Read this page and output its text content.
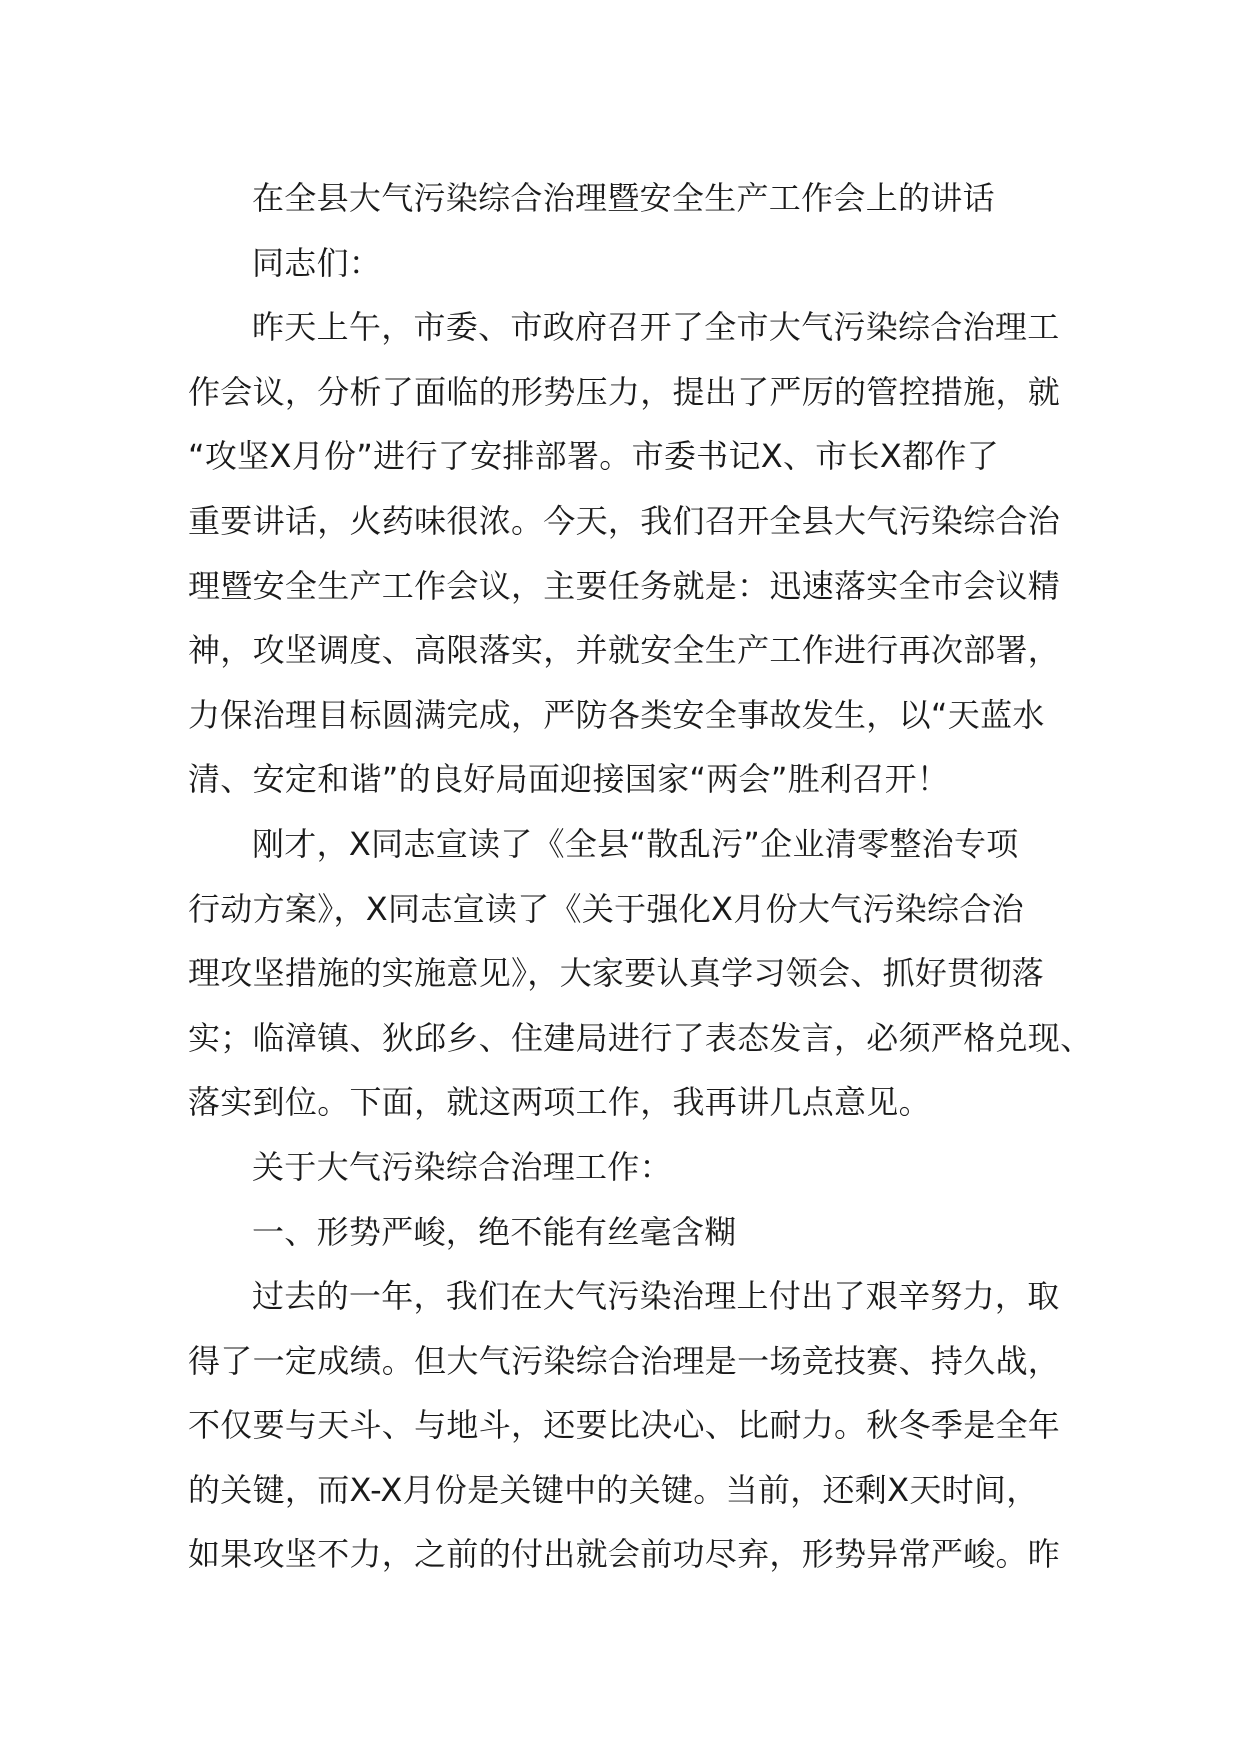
在全县大气污染综合治理暨安全生产工作会上的讲话
同志们：
昨天上午，市委、市政府召开了全市大气污染综合治理工
作会议，分析了面临的形势压力，提出了严厉的管控措施，就
“攻坚X月份”进行了安排部署。市委书记X、市长X都作了
重要讲话，火药味很浓。今天，我们召开全县大气污染综合治
理暨安全生产工作会议，主要任务就是：迅速落实全市会议精
神，攻坚调度、高限落实，并就安全生产工作进行再次部署，
力保治理目标圆满完成，严防各类安全事故发生，以“天蓝水
清、安定和谐”的良好局面迎接国家“两会”胜利召开！
刚才，X同志宣读了《全县“散乱污”企业清零整治专项
行动方案》，X同志宣读了《关于强化X月份大气污染综合治
理攻坚措施的实施意见》，大家要认真学习领会、抓好贯彻落
实；临漳镇、狄邱乡、住建局进行了表态发言，必须严格兑现、
落实到位。下面，就这两项工作，我再讲几点意见。
关于大气污染综合治理工作：
一、形势严峻，绝不能有丝毫含糊
过去的一年，我们在大气污染治理上付出了艰辛努力，取
得了一定成绩。但大气污染综合治理是一场竞技赛、持久战，
不仅要与天斗、与地斗，还要比决心、比耐力。秋冬季是全年
的关键，而X-X月份是关键中的关键。当前，还剩X天时间，
如果攻坚不力，之前的付出就会前功尽弃，形势异常严峻。昨
